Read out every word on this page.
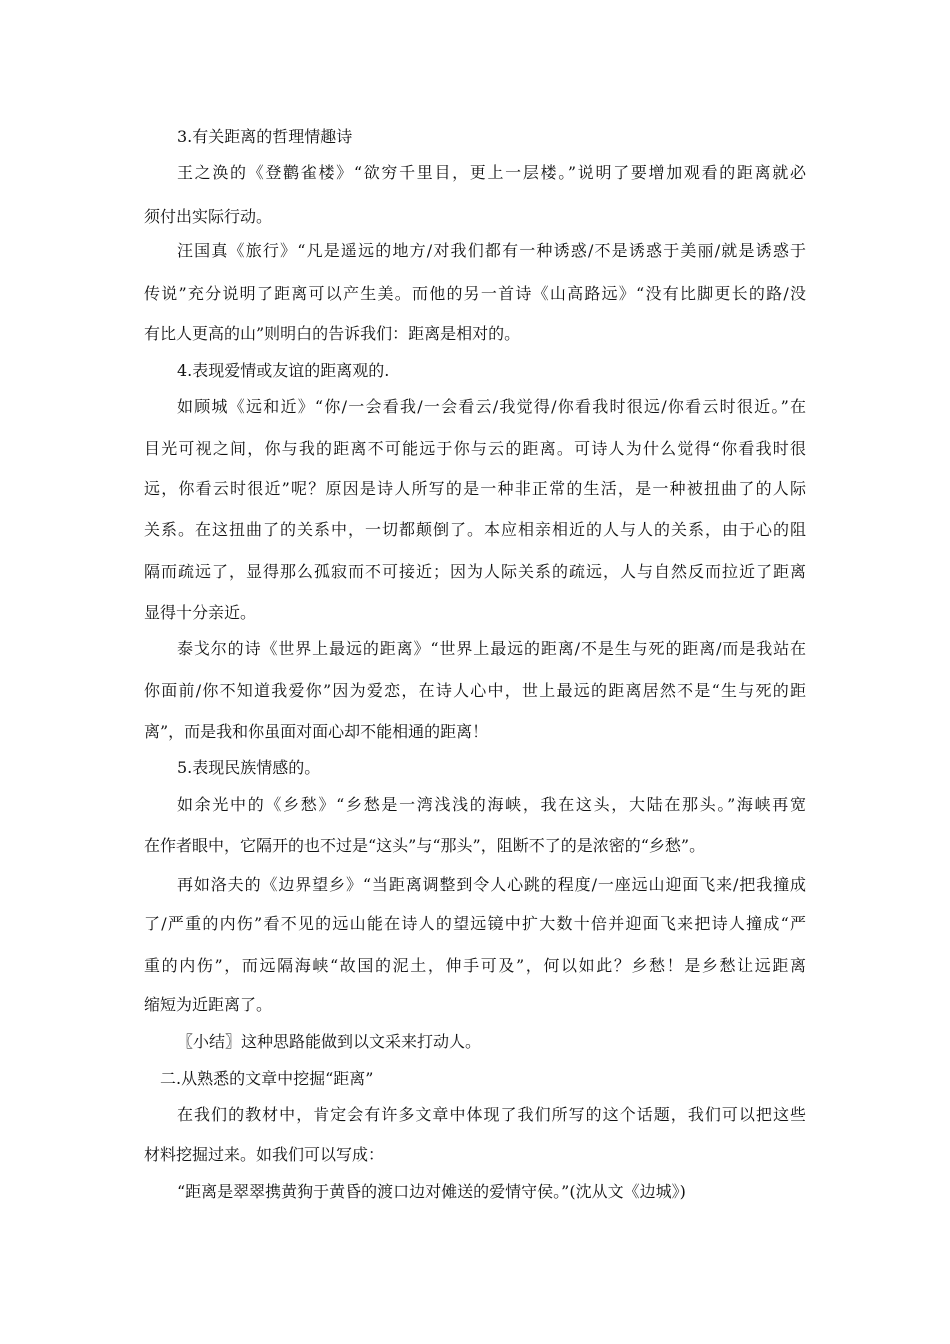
3.有关距离的哲理情趣诗
王之涣的《登鹳雀楼》“欲穷千里目，更上一层楼。”说明了要增加观看的距离就必
须付出实际行动。
汪国真《旅行》“凡是遥远的地方/对我们都有一种诱惑/不是诱惑于美丽/就是诱惑于
传说”充分说明了距离可以产生美。而他的另一首诗《山高路远》“没有比脚更长的路/没
有比人更高的山”则明白的告诉我们：距离是相对的。
4.表现爱情或友谊的距离观的.
如顾城《远和近》“你/一会看我/一会看云/我觉得/你看我时很远/你看云时很近。”在
目光可视之间，你与我的距离不可能远于你与云的距离。可诗人为什么觉得“你看我时很
远，你看云时很近”呢？原因是诗人所写的是一种非正常的生活，是一种被扭曲了的人际
关系。在这扭曲了的关系中，一切都颠倒了。本应相亲相近的人与人的关系，由于心的阻
隔而疏远了，显得那么孤寂而不可接近；因为人际关系的疏远，人与自然反而拉近了距离
显得十分亲近。
泰戈尔的诗《世界上最远的距离》“世界上最远的距离/不是生与死的距离/而是我站在
你面前/你不知道我爱你”因为爱恋，在诗人心中，世上最远的距离居然不是“生与死的距
离”，而是我和你虽面对面心却不能相通的距离！
5.表现民族情感的。
如余光中的《乡愁》“乡愁是一湾浅浅的海峡，我在这头，大陆在那头。”海峡再宽
在作者眼中，它隔开的也不过是“这头”与“那头”，阻断不了的是浓密的“乡愁”。
再如洛夫的《边界望乡》“当距离调整到令人心跳的程度/一座远山迎面飞来/把我撞成
了/严重的内伤”看不见的远山能在诗人的望远镜中扩大数十倍并迎面飞来把诗人撞成“严
重的内伤”，而远隔海峡“故国的泥土，伸手可及”，何以如此？乡愁！是乡愁让远距离
缩短为近距离了。
〖小结〗这种思路能做到以文采来打动人。
二.从熟悉的文章中挖掘“距离”
在我们的教材中，肯定会有许多文章中体现了我们所写的这个话题，我们可以把这些
材料挖掘过来。如我们可以写成：
“距离是翠翠携黄狗于黄昏的渡口边对傩送的爱情守侯。”(沈从文《边城》)
